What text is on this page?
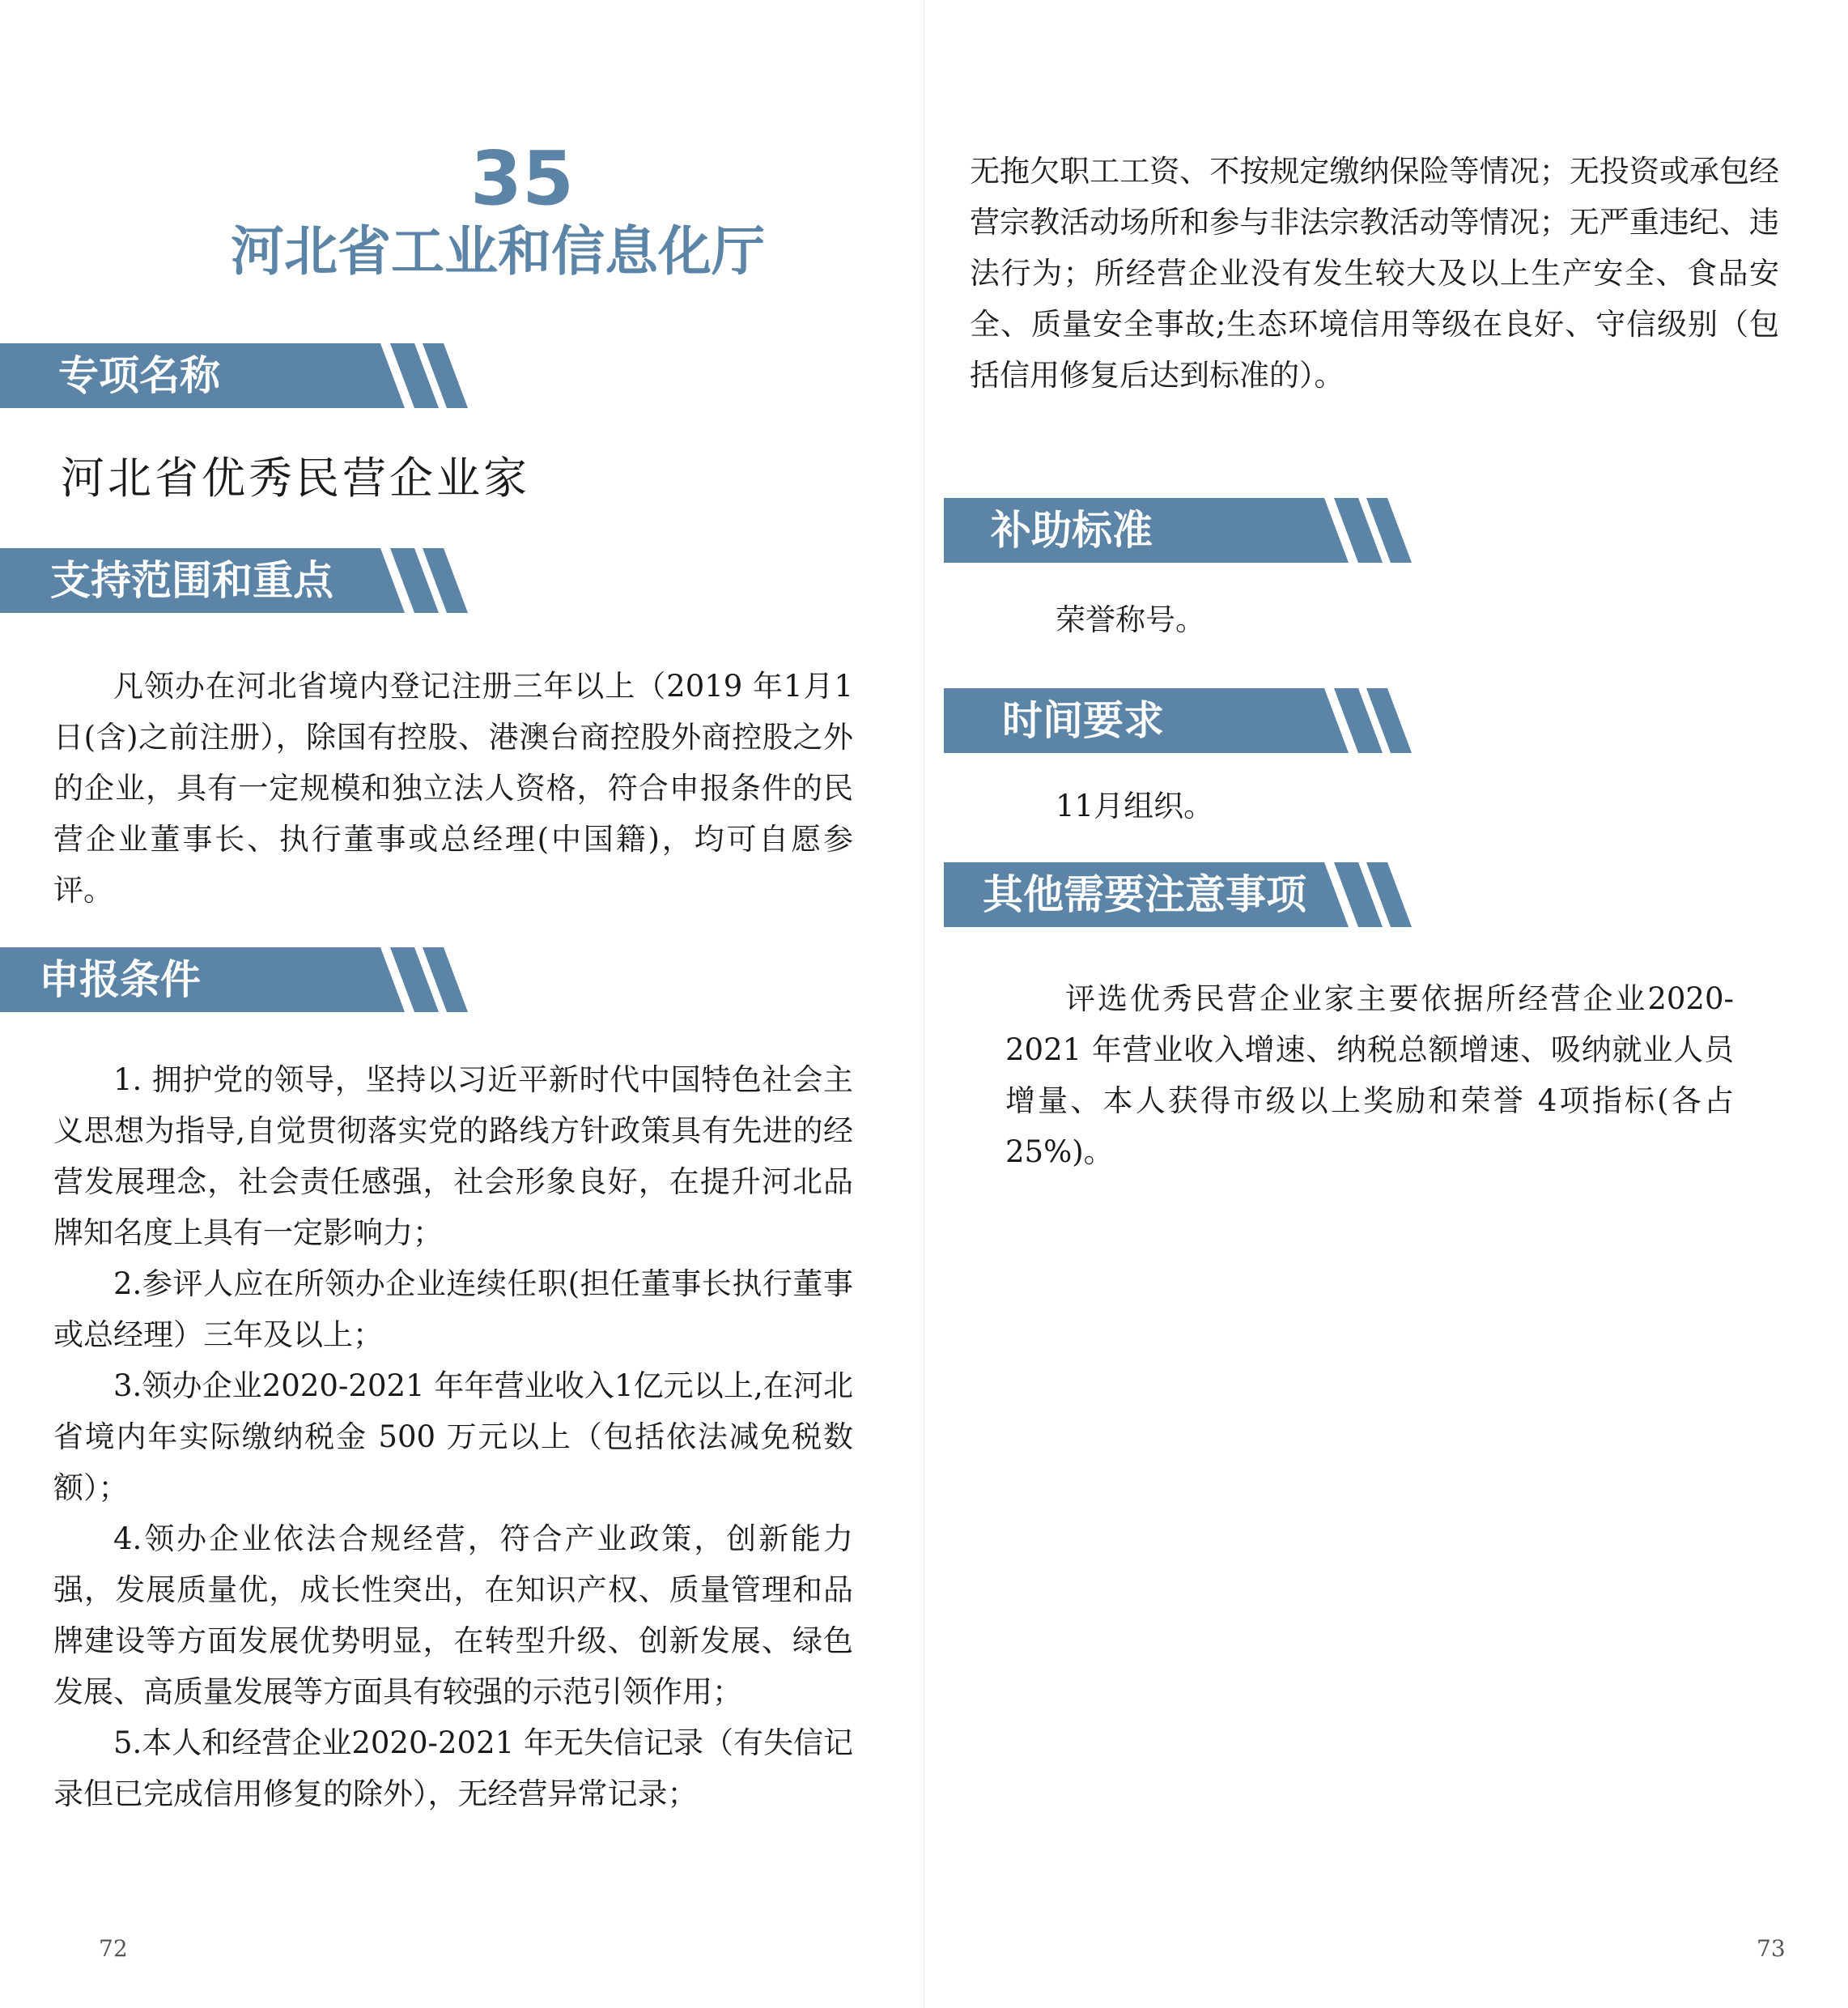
35
河北省工业和信息化厅
专项名称
河北省优秀民营企业家
支持范围和重点

凡领办在河北省境内登记注册三年以上（2019 年1月1日(含)之前注册），除国有控股、港澳台商控股外商控股之外的企业，具有一定规模和独立法人资格，符合申报条件的民营企业董事长、执行董事或总经理(中国籍)，均可自愿参评。

申报条件

1. 拥护党的领导，坚持以习近平新时代中国特色社会主义思想为指导,自觉贯彻落实党的路线方针政策具有先进的经营发展理念，社会责任感强，社会形象良好，在提升河北品牌知名度上具有一定影响力；

2.参评人应在所领办企业连续任职(担任董事长执行董事或总经理）三年及以上；

3.领办企业2020-2021 年年营业收入1亿元以上,在河北省境内年实际缴纳税金 500 万元以上（包括依法减免税数额）；

4.领办企业依法合规经营，符合产业政策，创新能力强，发展质量优，成长性突出，在知识产权、质量管理和品牌建设等方面发展优势明显，在转型升级、创新发展、绿色发展、高质量发展等方面具有较强的示范引领作用；

5.本人和经营企业2020-2021 年无失信记录（有失信记录但已完成信用修复的除外），无经营异常记录；

72

无拖欠职工工资、不按规定缴纳保险等情况；无投资或承包经营宗教活动场所和参与非法宗教活动等情况；无严重违纪、违法行为；所经营企业没有发生较大及以上生产安全、食品安全、质量安全事故;生态环境信用等级在良好、守信级别（包括信用修复后达到标准的）。

补助标准

荣誉称号。

时间要求

11月组织。

其他需要注意事项

评选优秀民营企业家主要依据所经营企业2020-2021 年营业收入增速、纳税总额增速、吸纳就业人员增量、本人获得市级以上奖励和荣誉 4项指标(各占25%)。

73
